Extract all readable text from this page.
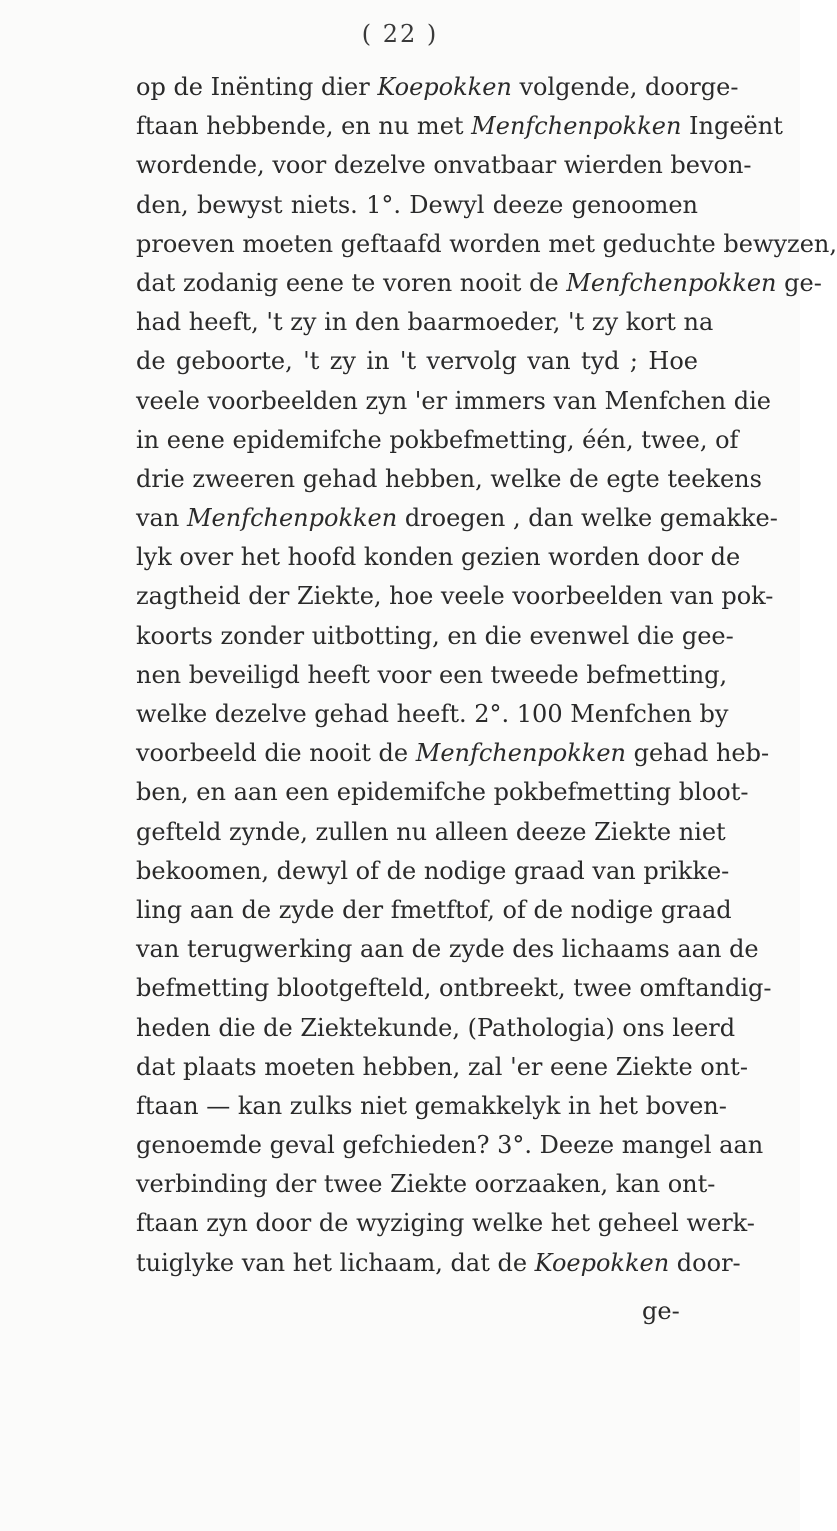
( 22 )
op de Inënting dier Koepokken volgende, doorge-
ftaan hebbende, en nu met Menfchenpokken Ingeënt
wordende, voor dezelve onvatbaar wierden bevon-
den, bewyst niets. 1°. Dewyl deeze genoomen
proeven moeten geftaafd worden met geduchte bewyzen,
dat zodanig eene te voren nooit de Menfchenpokken ge-
had heeft, 't zy in den baarmoeder, 't zy kort na
de geboorte, 't zy in 't vervolg van tyd ; Hoe
veele voorbeelden zyn 'er immers van Menfchen die
in eene epidemifche pokbefmetting, één, twee, of
drie zweeren gehad hebben, welke de egte teekens
van Menfchenpokken droegen , dan welke gemakke-
lyk over het hoofd konden gezien worden door de
zagtheid der Ziekte, hoe veele voorbeelden van pok-
koorts zonder uitbotting, en die evenwel die gee-
nen beveiligd heeft voor een tweede befmetting,
welke dezelve gehad heeft. 2°. 100 Menfchen by
voorbeeld die nooit de Menfchenpokken gehad heb-
ben, en aan een epidemifche pokbefmetting bloot-
gefteld zynde, zullen nu alleen deeze Ziekte niet
bekoomen, dewyl of de nodige graad van prikke-
ling aan de zyde der fmetftof, of de nodige graad
van terugwerking aan de zyde des lichaams aan de
befmetting blootgefteld, ontbreekt, twee omftandig-
heden die de Ziektekunde, (Pathologia) ons leerd
dat plaats moeten hebben, zal 'er eene Ziekte ont-
ftaan — kan zulks niet gemakkelyk in het boven-
genoemde geval gefchieden? 3°. Deeze mangel aan
verbinding der twee Ziekte oorzaaken, kan ont-
ftaan zyn door de wyziging welke het geheel werk-
tuiglyke van het lichaam, dat de Koepokken door-
ge-
